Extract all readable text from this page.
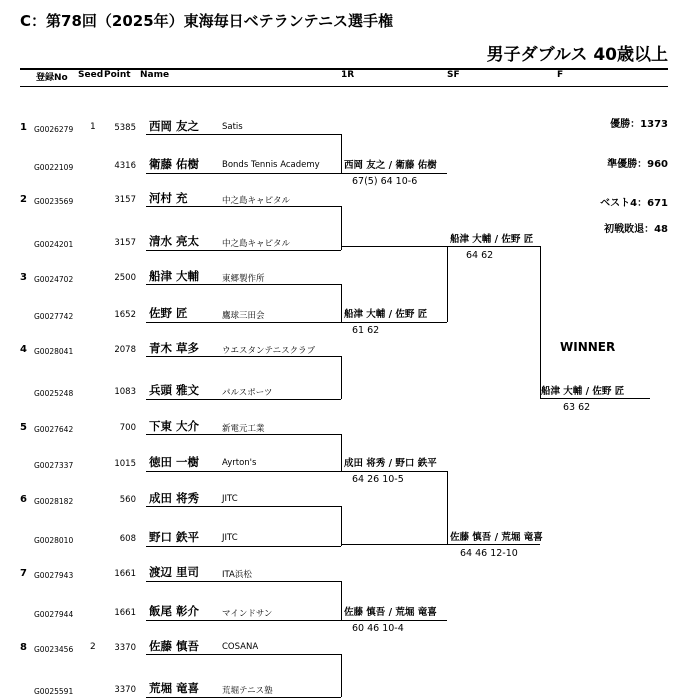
C：第78回（2025年）東海毎日ベテランテニス選手権
男子ダブルス 40歳以上
登録No Seed Point Name	1R	SF	F
優勝：1373
準優勝：960
ベスト4：671
初戦敗退：48
1 G0026279 1	5385 西岡 友之	Satis
G0022109	4316 衛藤 佑樹	Bonds Tennis Academy
2 G0023569	3157 河村 充	中之島キャピタル
G0024201	3157 清水 亮太	中之島キャピタル
3 G0024702	2500 船津 大輔	東郷製作所
G0027742	1652 佐野 匠	鷹球三田会
4 G0028041	2078 青木 草多	ウエスタンテニスクラブ
G0025248	1083 兵頭 雅文	パルスポーツ
5 G0027642	700 下東 大介	新電元工業
G0027337	1015 徳田 一樹	Ayrton's
6 G0028182	560 成田 将秀	JITC
G0028010	608 野口 鉄平	JITC
7 G0027943	1661 渡辺 里司	ITA浜松
G0027944	1661 飯尾 彰介	マインドサン
8 G0023456 2	3370 佐藤 慎吾	COSANA
G0025591	3370 荒堀 竜喜	荒堀テニス塾
西岡 友之 / 衛藤 佑樹
67(5) 64 10-6
船津 大輔 / 佐野 匠
61 62
成田 将秀 / 野口 鉄平
64 26 10-5
佐藤 慎吾 / 荒堀 竜喜
60 46 10-4
船津 大輔 / 佐野 匠
64 62
佐藤 慎吾 / 荒堀 竜喜
64 46 12-10
WINNER
船津 大輔 / 佐野 匠
63 62
